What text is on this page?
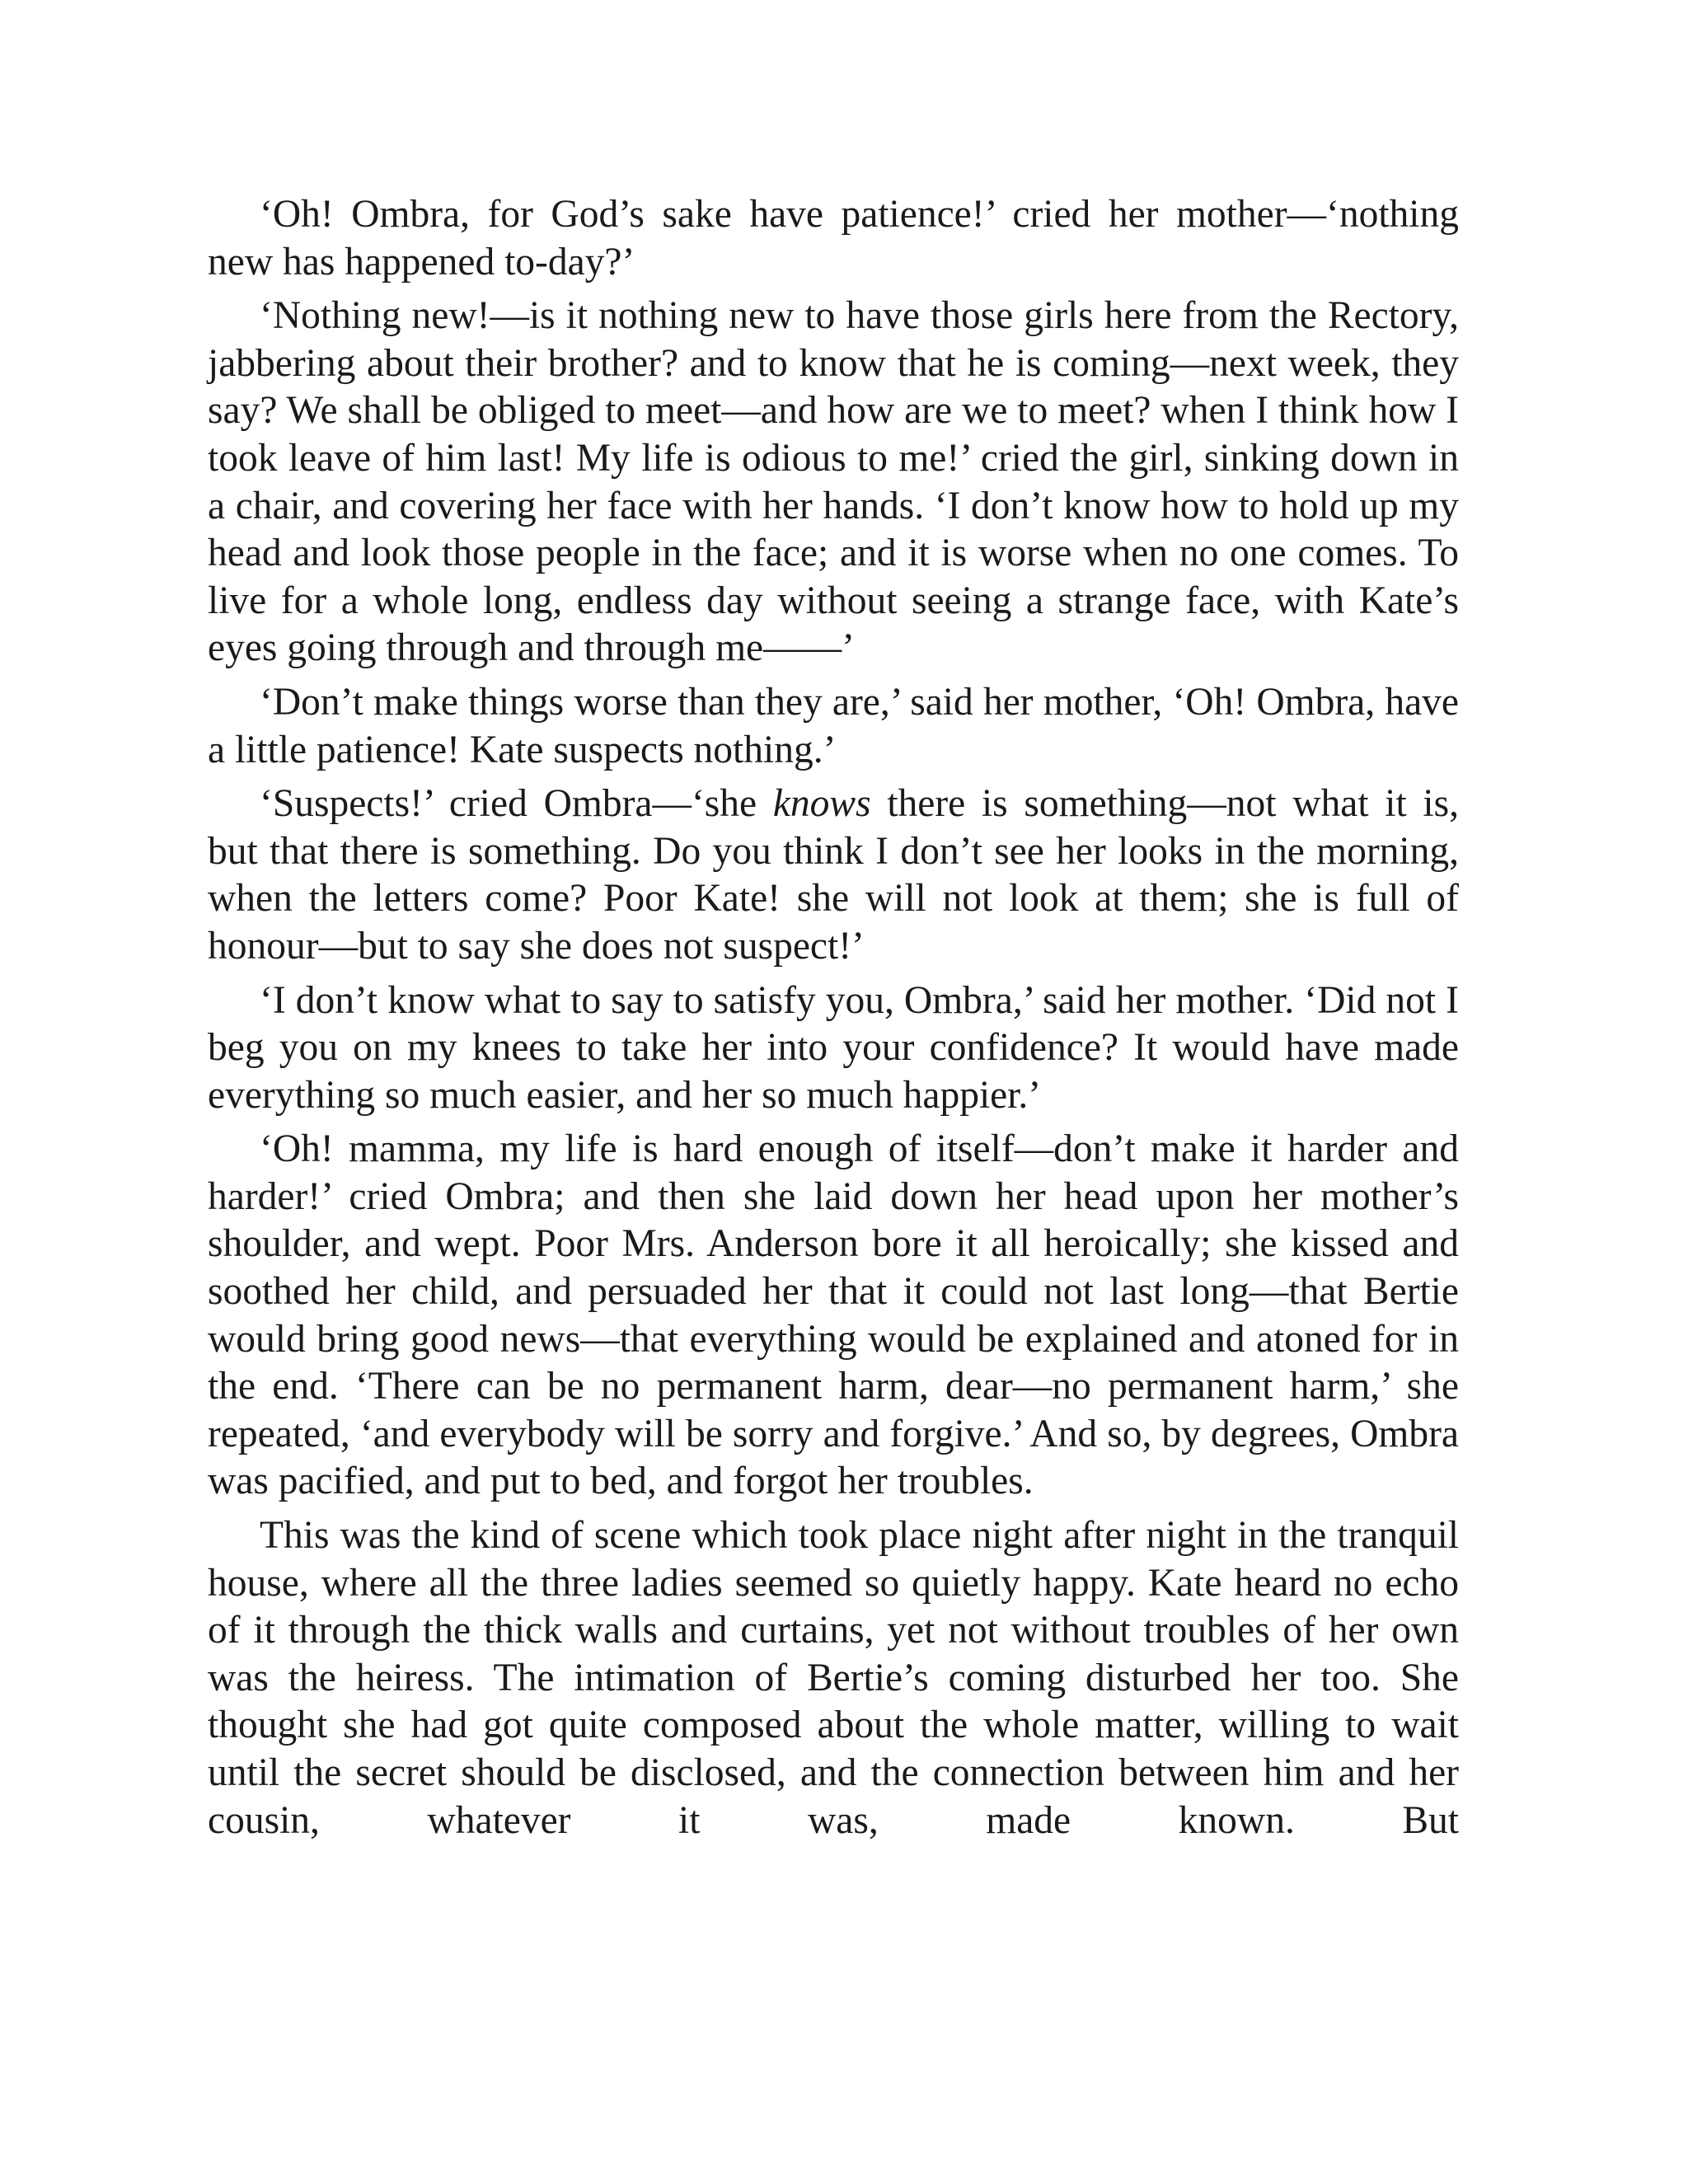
‘Oh! Ombra, for God’s sake have patience!’ cried her mother—‘nothing new has happened to-day?’

‘Nothing new!—is it nothing new to have those girls here from the Rectory, jabbering about their brother? and to know that he is coming—next week, they say? We shall be obliged to meet—and how are we to meet? when I think how I took leave of him last! My life is odious to me!’ cried the girl, sinking down in a chair, and covering her face with her hands. ‘I don’t know how to hold up my head and look those people in the face; and it is worse when no one comes. To live for a whole long, endless day without seeing a strange face, with Kate’s eyes going through and through me——’

‘Don’t make things worse than they are,’ said her mother, ‘Oh! Ombra, have a little patience! Kate suspects nothing.’

‘Suspects!’ cried Ombra—‘she knows there is something—not what it is, but that there is something. Do you think I don’t see her looks in the morning, when the letters come? Poor Kate! she will not look at them; she is full of honour—but to say she does not suspect!’

‘I don’t know what to say to satisfy you, Ombra,’ said her mother. ‘Did not I beg you on my knees to take her into your confidence? It would have made everything so much easier, and her so much happier.’

‘Oh! mamma, my life is hard enough of itself—don’t make it harder and harder!’ cried Ombra; and then she laid down her head upon her mother’s shoulder, and wept. Poor Mrs. Anderson bore it all heroically; she kissed and soothed her child, and persuaded her that it could not last long—that Bertie would bring good news—that everything would be explained and atoned for in the end. ‘There can be no permanent harm, dear—no permanent harm,’ she repeated, ‘and everybody will be sorry and forgive.’ And so, by degrees, Ombra was pacified, and put to bed, and forgot her troubles.

This was the kind of scene which took place night after night in the tranquil house, where all the three ladies seemed so quietly happy. Kate heard no echo of it through the thick walls and curtains, yet not without troubles of her own was the heiress. The intimation of Bertie’s coming disturbed her too. She thought she had got quite composed about the whole matter, willing to wait until the secret should be disclosed, and the connection between him and her cousin, whatever it was, made known. But
